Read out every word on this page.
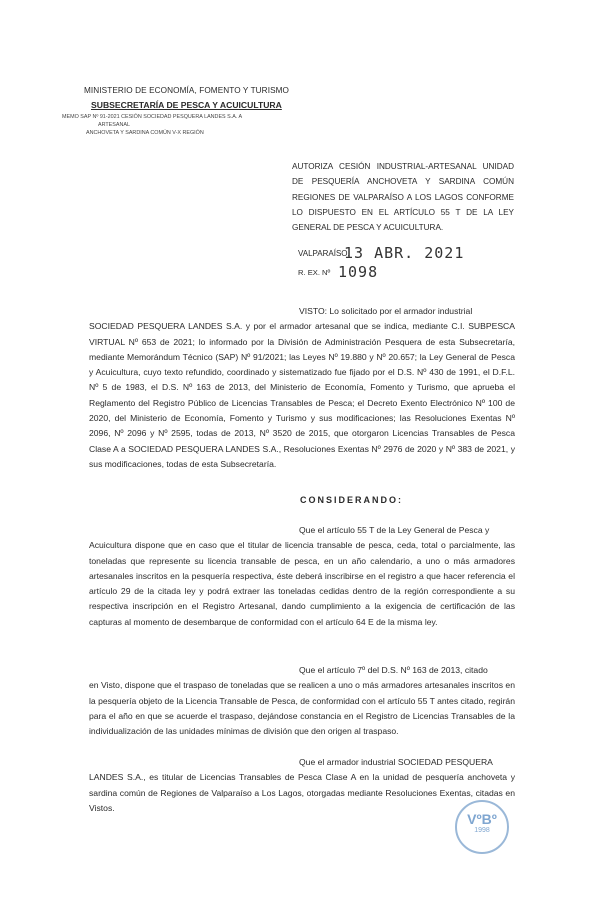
MINISTERIO DE ECONOMÍA, FOMENTO Y TURISMO
SUBSECRETARÍA DE PESCA Y ACUICULTURA
MEMO SAP Nº 91-2021 CESIÓN SOCIEDAD PESQUERA LANDES S.A. A
ARTESANAL
ANCHOVETA Y SARDINA COMÚN V-X REGIÓN
AUTORIZA CESIÓN INDUSTRIAL-ARTESANAL UNIDAD DE PESQUERÍA ANCHOVETA Y SARDINA COMÚN REGIONES DE VALPARAÍSO A LOS LAGOS CONFORME LO DISPUESTO EN EL ARTÍCULO 55 T DE LA LEY GENERAL DE PESCA Y ACUICULTURA.
VALPARAÍSO,
13 ABR. 2021
R. EX. Nº 1098
VISTO: Lo solicitado por el armador industrial
SOCIEDAD PESQUERA LANDES S.A. y por el armador artesanal que se indica, mediante C.I. SUBPESCA VIRTUAL Nº 653 de 2021; lo informado por la División de Administración Pesquera de esta Subsecretaría, mediante Memorándum Técnico (SAP) Nº 91/2021; las Leyes Nº 19.880 y Nº 20.657; la Ley General de Pesca y Acuicultura, cuyo texto refundido, coordinado y sistematizado fue fijado por el D.S. Nº 430 de 1991, el D.F.L. Nº 5 de 1983, el D.S. Nº 163 de 2013, del Ministerio de Economía, Fomento y Turismo, que aprueba el Reglamento del Registro Público de Licencias Transables de Pesca; el Decreto Exento Electrónico Nº 100 de 2020, del Ministerio de Economía, Fomento y Turismo y sus modificaciones; las Resoluciones Exentas Nº 2096, Nº 2096 y Nº 2595, todas de 2013, Nº 3520 de 2015, que otorgaron Licencias Transables de Pesca Clase A a SOCIEDAD PESQUERA LANDES S.A., Resoluciones Exentas Nº 2976 de 2020 y Nº 383 de 2021, y sus modificaciones, todas de esta Subsecretaría.
CONSIDERANDO:
Que el artículo 55 T de la Ley General de Pesca y
Acuicultura dispone que en caso que el titular de licencia transable de pesca, ceda, total o parcialmente, las toneladas que represente su licencia transable de pesca, en un año calendario, a uno o más armadores artesanales inscritos en la pesquería respectiva, éste deberá inscribirse en el registro a que hacer referencia el artículo 29 de la citada ley y podrá extraer las toneladas cedidas dentro de la región correspondiente a su respectiva inscripción en el Registro Artesanal, dando cumplimiento a la exigencia de certificación de las capturas al momento de desembarque de conformidad con el artículo 64 E de la misma ley.
Que el artículo 7º del D.S. Nº 163 de 2013, citado
en Visto, dispone que el traspaso de toneladas que se realicen a uno o más armadores artesanales inscritos en la pesquería objeto de la Licencia Transable de Pesca, de conformidad con el artículo 55 T antes citado, regirán para el año en que se acuerde el traspaso, dejándose constancia en el Registro de Licencias Transables de la individualización de las unidades mínimas de división que den origen al traspaso.
Que el armador industrial SOCIEDAD PESQUERA
LANDES S.A., es titular de Licencias Transables de Pesca Clase A en la unidad de pesquería anchoveta y sardina común de Regiones de Valparaíso a Los Lagos, otorgadas mediante Resoluciones Exentas, citadas en Vistos.
VºBº
1998
